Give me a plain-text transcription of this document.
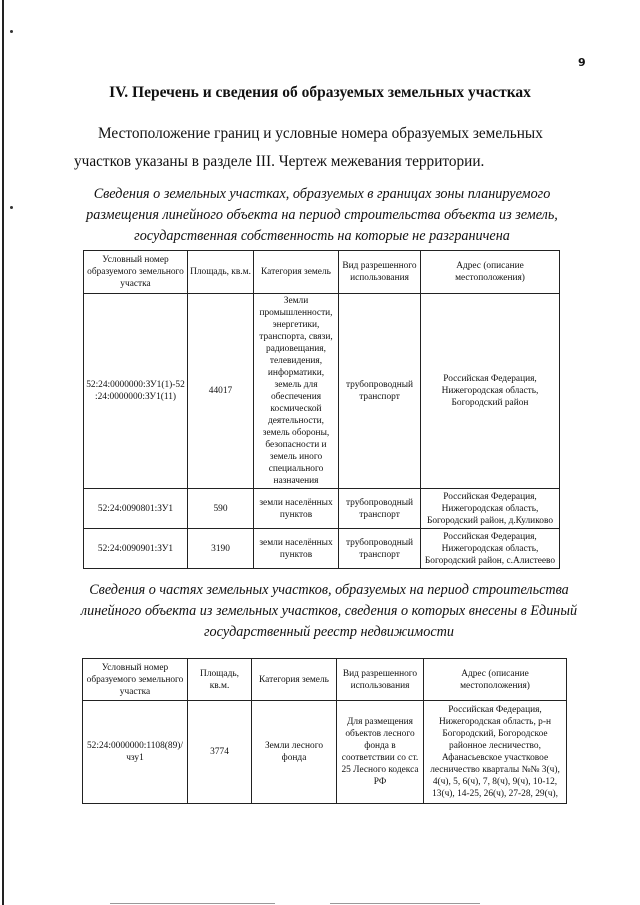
9
IV. Перечень и сведения об образуемых земельных участках
Местоположение границ и условные номера образуемых земельных участков указаны в разделе III. Чертеж межевания территории.
Сведения о земельных участках, образуемых в границах зоны планируемого размещения линейного объекта на период строительства объекта из земель, государственная собственность на которые не разграничена
Условный номер образуемого земельного участка	Площадь, кв.м.	Категория земель	Вид разрешенного использования	Адрес (описание местоположения)
52:24:0000000:ЗУ1(1)-52:24:0000000:ЗУ1(11)	44017	Земли промышленности, энергетики, транспорта, связи, радиовещания, телевидения, информатики, земель для обеспечения космической деятельности, земель обороны, безопасности и земель иного специального назначения	трубопроводный транспорт	Российская Федерация, Нижегородская область, Богородский район
52:24:0090801:ЗУ1	590	земли населённых пунктов	трубопроводный транспорт	Российская Федерация, Нижегородская область, Богородский район, д.Куликово
52:24:0090901:ЗУ1	3190	земли населённых пунктов	трубопроводный транспорт	Российская Федерация, Нижегородская область, Богородский район, с.Алистеево
Сведения о частях земельных участков, образуемых на период строительства линейного объекта из земельных участков, сведения о которых внесены в Единый государственный реестр недвижимости
Условный номер образуемого земельного участка	Площадь, кв.м.	Категория земель	Вид разрешенного использования	Адрес (описание местоположения)
52:24:0000000:1108(89)/чзу1	3774	Земли лесного фонда	Для размещения объектов лесного фонда в соответствии со ст. 25 Лесного кодекса РФ	Российская Федерация, Нижегородская область, р-н Богородский, Богородское районное лесничество, Афанасьевское участковое лесничество кварталы №№ 3(ч), 4(ч), 5, 6(ч), 7, 8(ч), 9(ч), 10-12, 13(ч), 14-25, 26(ч), 27-28, 29(ч),
